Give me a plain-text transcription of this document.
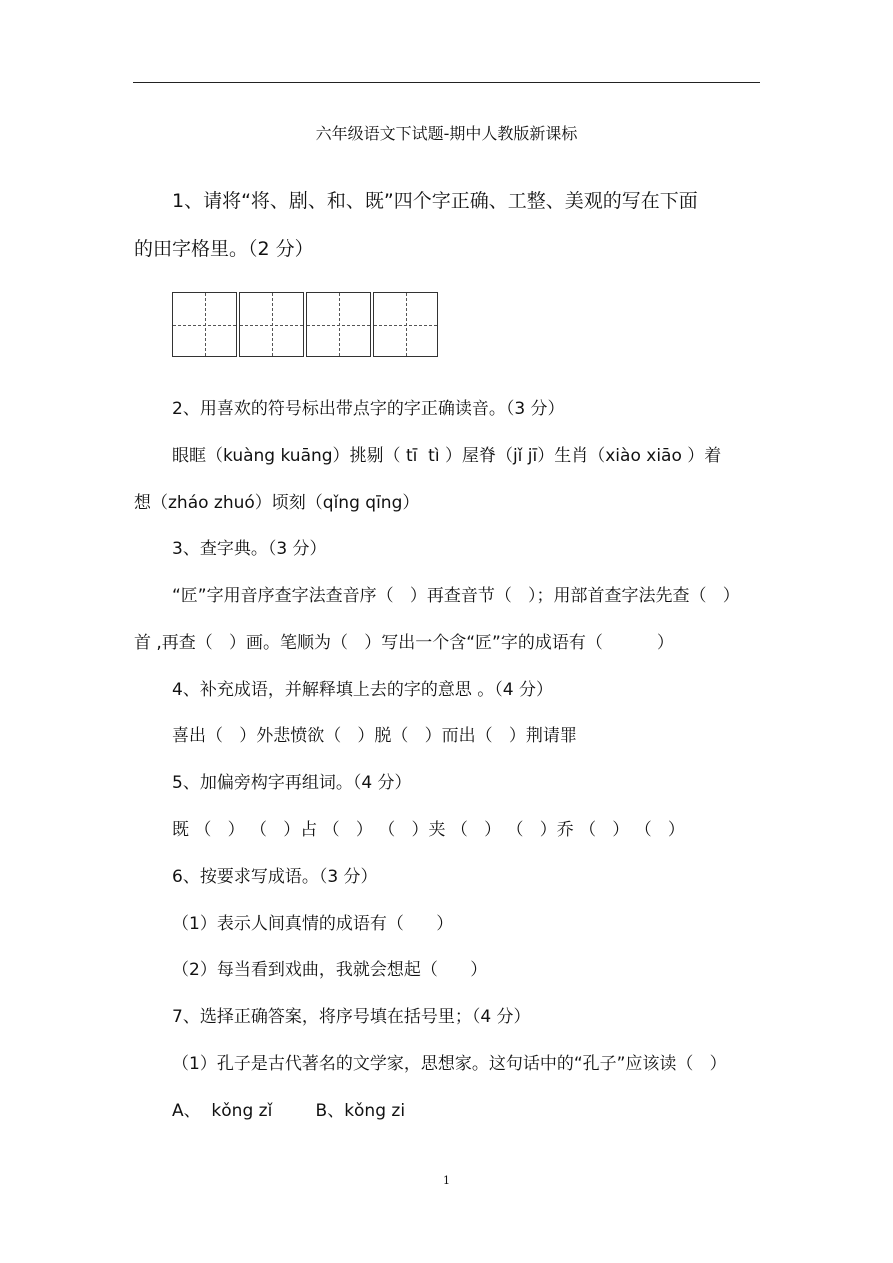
六年级语文下试题-期中人教版新课标
1、请将“将、剧、和、既”四个字正确、工整、美观的写在下面
的田字格里。（2 分）
2、用喜欢的符号标出带点字的字正确读音。（3 分）
眼眶（kuàng kuāng）挑剔（ tī  tì ）屋脊（jǐ jī）生肖（xiào xiāo ）着
想（zháo zhuó）顷刻（qǐng qīng）
3、查字典。（3 分）
“匠”字用音序查字法查音序（   ）再查音节（   ）；用部首查字法先查（   ）
首 ,再查（   ）画。笔顺为（   ）写出一个含“匠”字的成语有（          ）
4、补充成语，并解释填上去的字的意思 。（4 分）
喜出（   ）外悲愤欲（   ）脱（   ）而出（   ）荆请罪
5、加偏旁构字再组词。（4 分）
既 （   ） （   ）占 （   ） （   ）夹 （   ） （   ）乔 （   ） （   ）
6、按要求写成语。（3 分）
（1）表示人间真情的成语有（      ）
（2）每当看到戏曲，我就会想起（      ）
7、选择正确答案，将序号填在括号里；（4 分）
（1）孔子是古代著名的文学家，思想家。这句话中的“孔子”应该读（   ）
A、  kǒng zǐ        B、kǒng zi
1
